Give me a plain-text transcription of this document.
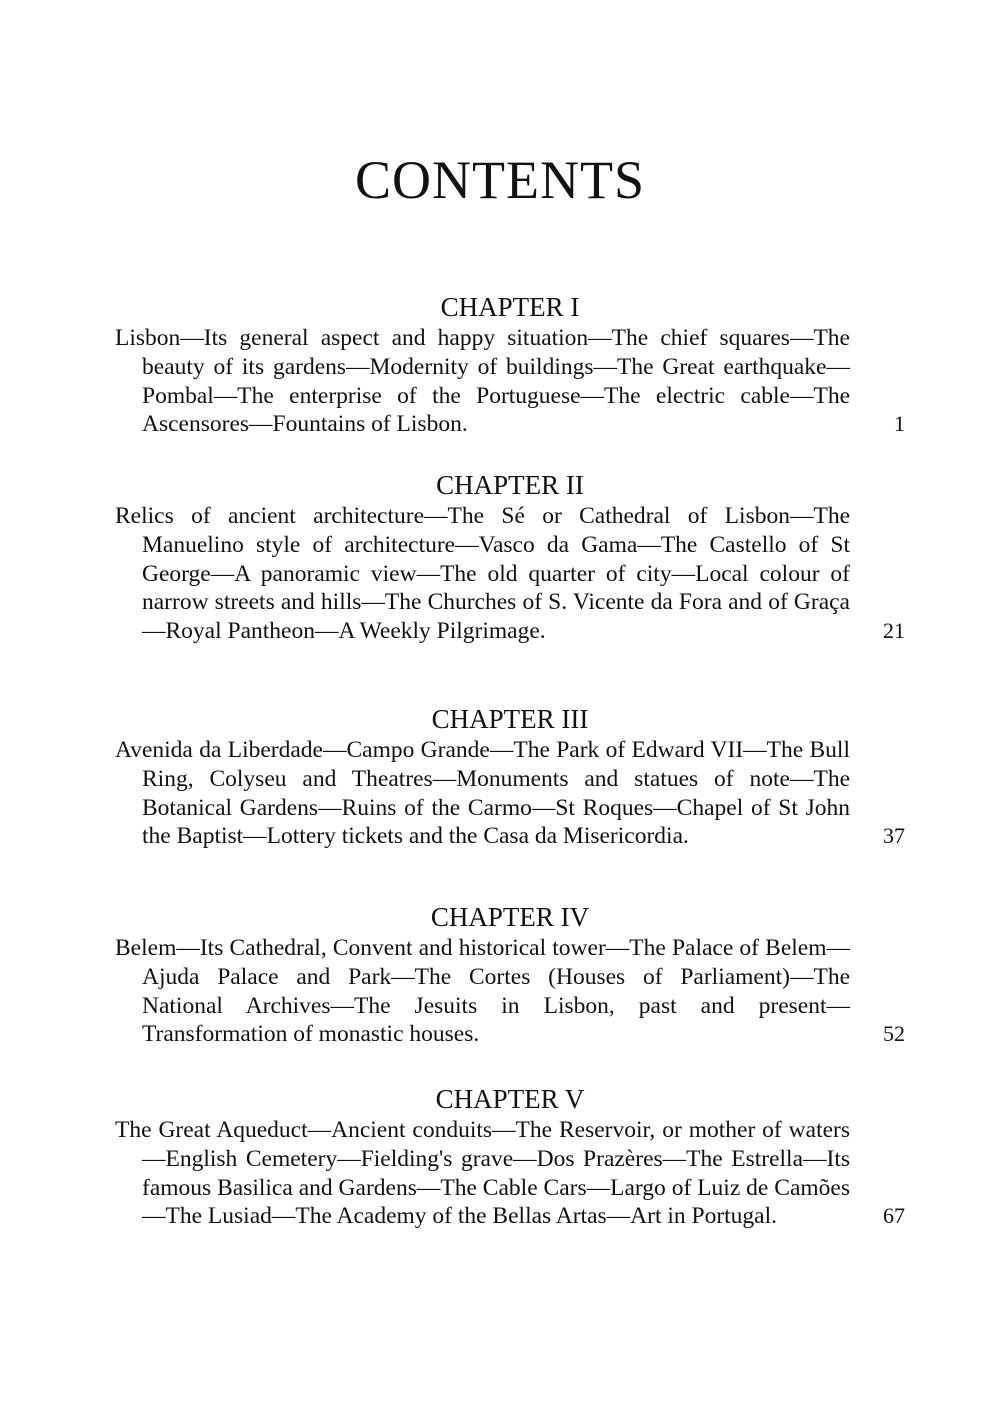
CONTENTS
CHAPTER I
Lisbon—Its general aspect and happy situation—The chief squares—The beauty of its gardens—Modernity of buildings—The Great earthquake—Pombal—The enterprise of the Portuguese—The electric cable—The Ascensores—Fountains of Lisbon.	1
CHAPTER II
Relics of ancient architecture—The Sé or Cathedral of Lisbon—The Manuelino style of architecture—Vasco da Gama—The Castello of St George—A panoramic view—The old quarter of city—Local colour of narrow streets and hills—The Churches of S. Vicente da Fora and of Graça—Royal Pantheon—A Weekly Pilgrimage.	21
CHAPTER III
Avenida da Liberdade—Campo Grande—The Park of Edward VII—The Bull Ring, Colyseu and Theatres—Monuments and statues of note—The Botanical Gardens—Ruins of the Carmo—St Roques—Chapel of St John the Baptist—Lottery tickets and the Casa da Misericordia.	37
CHAPTER IV
Belem—Its Cathedral, Convent and historical tower—The Palace of Belem—Ajuda Palace and Park—The Cortes (Houses of Parliament)—The National Archives—The Jesuits in Lisbon, past and present—Transformation of monastic houses.	52
CHAPTER V
The Great Aqueduct—Ancient conduits—The Reservoir, or mother of waters—English Cemetery—Fielding's grave—Dos Prazères—The Estrella—Its famous Basilica and Gardens—The Cable Cars—Largo of Luiz de Camões—The Lusiad—The Academy of the Bellas Artas—Art in Portugal.	67
